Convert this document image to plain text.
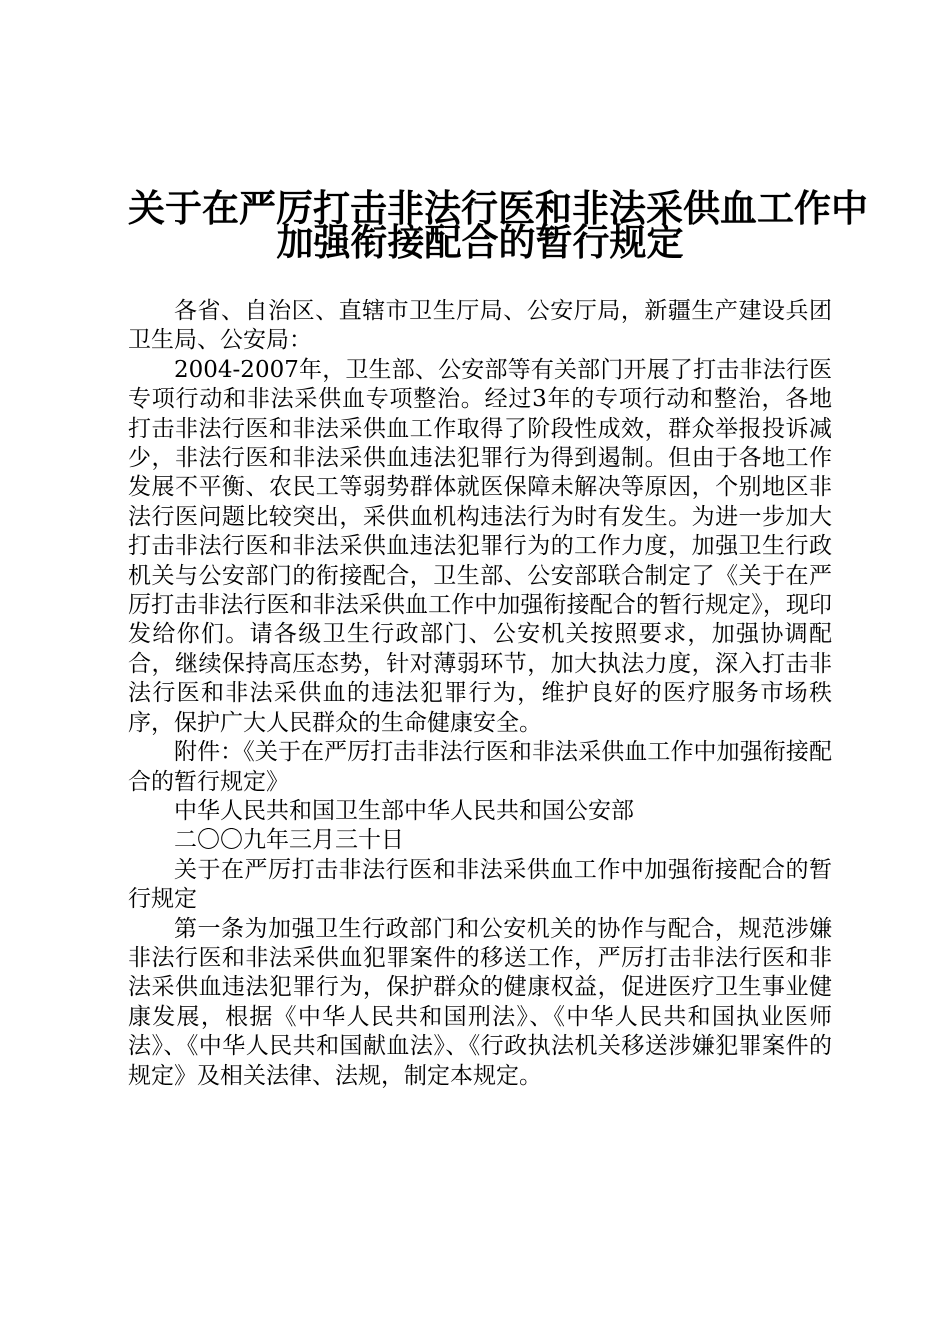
关于在严厉打击非法行医和非法采供血工作中
加强衔接配合的暂行规定

各省、自治区、直辖市卫生厅局、公安厅局，新疆生产建设兵团卫生局、公安局：

2004-2007年，卫生部、公安部等有关部门开展了打击非法行医专项行动和非法采供血专项整治。经过3年的专项行动和整治，各地打击非法行医和非法采供血工作取得了阶段性成效，群众举报投诉减少，非法行医和非法采供血违法犯罪行为得到遏制。但由于各地工作发展不平衡、农民工等弱势群体就医保障未解决等原因，个别地区非法行医问题比较突出，采供血机构违法行为时有发生。为进一步加大打击非法行医和非法采供血违法犯罪行为的工作力度，加强卫生行政机关与公安部门的衔接配合，卫生部、公安部联合制定了《关于在严厉打击非法行医和非法采供血工作中加强衔接配合的暂行规定》，现印发给你们。请各级卫生行政部门、公安机关按照要求，加强协调配合，继续保持高压态势，针对薄弱环节，加大执法力度，深入打击非法行医和非法采供血的违法犯罪行为，维护良好的医疗服务市场秩序，保护广大人民群众的生命健康安全。

附件：《关于在严厉打击非法行医和非法采供血工作中加强衔接配合的暂行规定》

中华人民共和国卫生部中华人民共和国公安部

二〇〇九年三月三十日

关于在严厉打击非法行医和非法采供血工作中加强衔接配合的暂行规定

第一条为加强卫生行政部门和公安机关的协作与配合，规范涉嫌非法行医和非法采供血犯罪案件的移送工作，严厉打击非法行医和非法采供血违法犯罪行为，保护群众的健康权益，促进医疗卫生事业健康发展，根据《中华人民共和国刑法》、《中华人民共和国执业医师法》、《中华人民共和国献血法》、《行政执法机关移送涉嫌犯罪案件的规定》及相关法律、法规，制定本规定。
